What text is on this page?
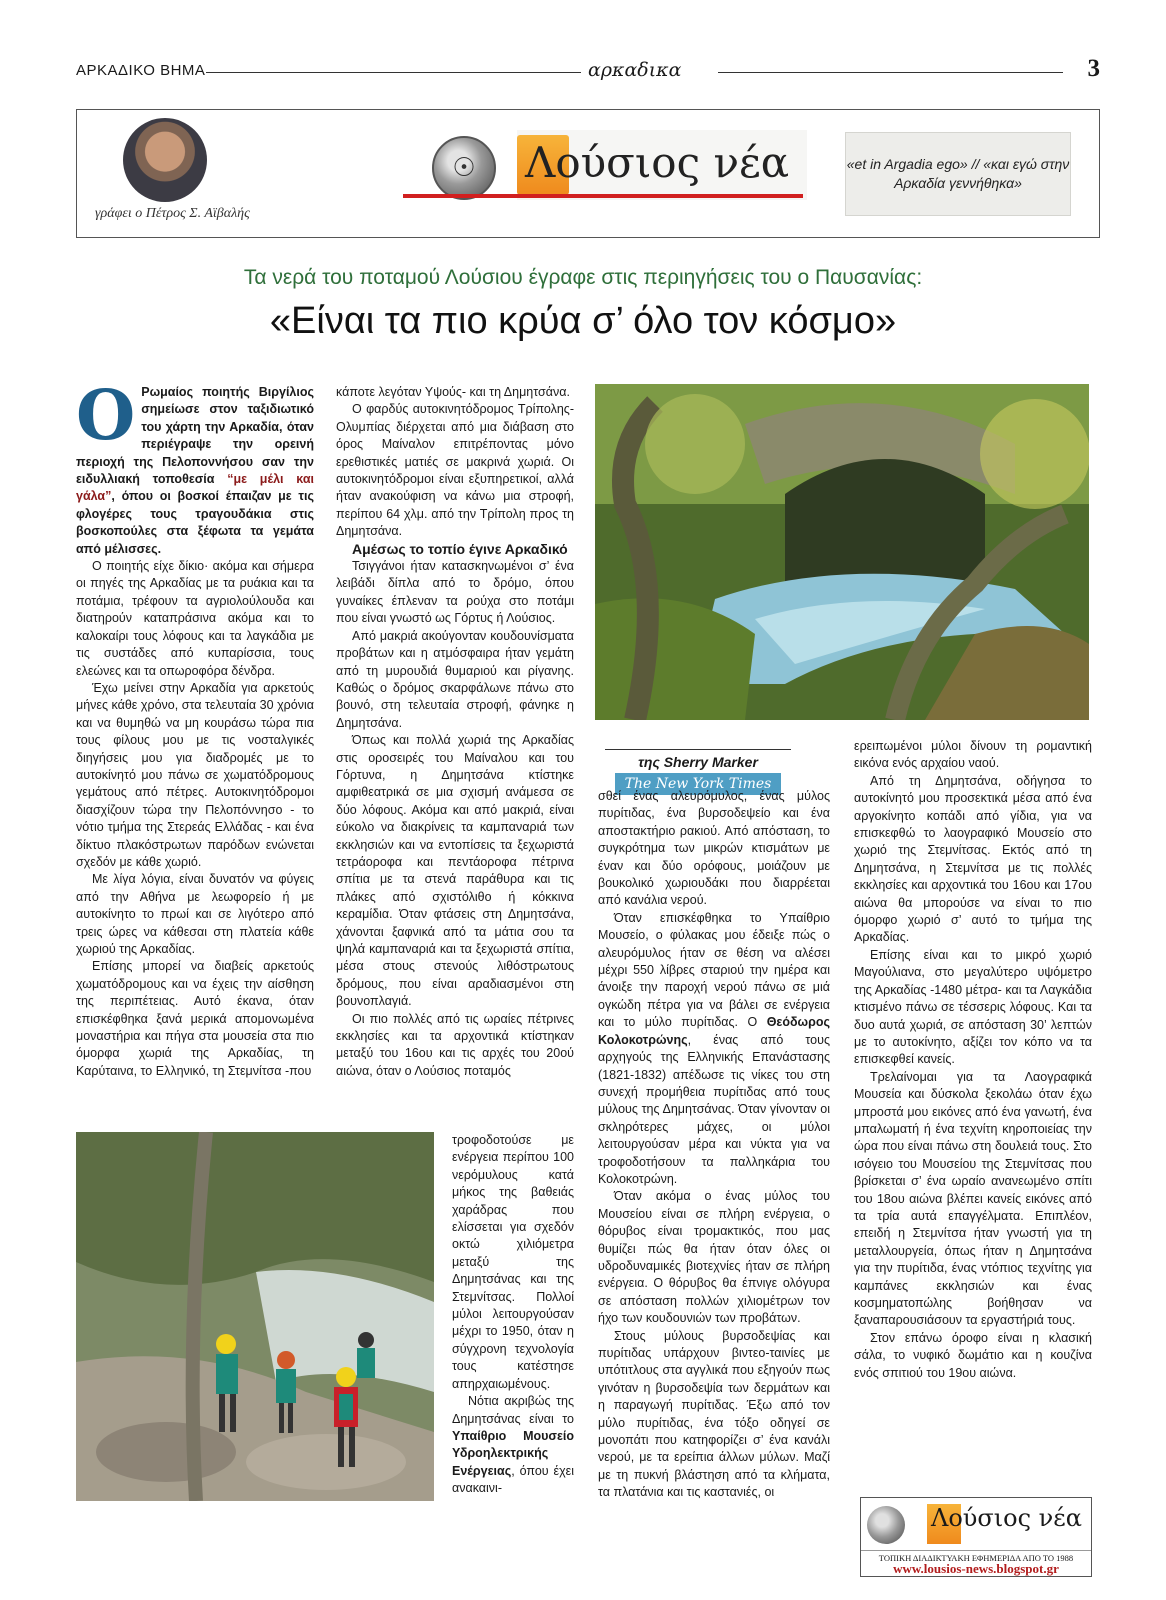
ΑΡΚΑΔΙΚΟ ΒΗΜΑ	αρκαδικα	3
γράφει ο Πέτρος Σ. Αϊβαλής
☉	Λούσιος νέα	«et in Argadia ego» // «και εγώ στην Αρκαδία γεννήθηκα»
Τα νερά του ποταμού Λούσιου έγραφε στις περιηγήσεις του ο Παυσανίας:
«Είναι τα πιο κρύα σ’ όλο τον κόσμο»

Ο Ρωμαίος ποιητής Βιργίλιος σημείωσε στον ταξιδιωτικό του χάρτη την Αρκαδία, όταν περιέγραψε την ορεινή περιοχή της Πελοποννήσου σαν την ειδυλλιακή τοποθεσία “με μέλι και γάλα”, όπου οι βοσκοί έπαιζαν με τις φλογέρες τους τραγουδάκια στις βοσκοπούλες στα ξέφωτα τα γεμάτα από μέλισσες.

Ο ποιητής είχε δίκιο· ακόμα και σήμερα οι πηγές της Αρκαδίας με τα ρυάκια και τα ποτάμια, τρέφουν τα αγριολούλουδα και διατηρούν καταπράσινα ακόμα και το καλοκαίρι τους λόφους και τα λαγκάδια με τις συστάδες από κυπαρίσσια, τους ελεώνες και τα οπωροφόρα δένδρα.

Έχω μείνει στην Αρκαδία για αρκετούς μήνες κάθε χρόνο, στα τελευταία 30 χρόνια και να θυμηθώ να μη κουράσω τώρα πια τους φίλους μου με τις νοσταλγικές διηγήσεις μου για διαδρομές με το αυτοκίνητό μου πάνω σε χωματόδρομους γεμάτους από πέτρες. Αυτοκινητόδρομοι διασχίζουν τώρα την Πελοπόννησο - το νότιο τμήμα της Στερεάς Ελλάδας - και ένα δίκτυο πλακόστρωτων παρόδων ενώνεται σχεδόν με κάθε χωριό.

Με λίγα λόγια, είναι δυνατόν να φύγεις από την Αθήνα με λεωφορείο ή με αυτοκίνητο το πρωί και σε λιγότερο από τρεις ώρες να κάθεσαι στη πλατεία κάθε χωριού της Αρκαδίας.

Επίσης μπορεί να διαβείς αρκετούς χωματόδρομους και να έχεις την αίσθηση της περιπέτειας. Αυτό έκανα, όταν επισκέφθηκα ξανά μερικά απομονωμένα μοναστήρια και πήγα στα μουσεία στα πιο όμορφα χωριά της Αρκαδίας, τη Καρύταινα, το Ελληνικό, τη Στεμνίτσα -που

κάποτε λεγόταν Υψούς- και τη Δημητσάνα.

Ο φαρδύς αυτοκινητόδρομος Τρίπολης-Ολυμπίας διέρχεται από μια διάβαση στο όρος Μαίναλον επιτρέποντας μόνο ερεθιστικές ματιές σε μακρινά χωριά. Οι αυτοκινητόδρομοι είναι εξυπηρετικοί, αλλά ήταν ανακούφιση να κάνω μια στροφή, περίπου 64 χλμ. από την Τρίπολη προς τη Δημητσάνα.

Αμέσως το τοπίο έγινε Αρκαδικό

Τσιγγάνοι ήταν κατασκηνωμένοι σ’ ένα λειβάδι δίπλα από το δρόμο, όπου γυναίκες έπλεναν τα ρούχα στο ποτάμι που είναι γνωστό ως Γόρτυς ή Λούσιος.

Από μακριά ακούγονταν κουδουνίσματα προβάτων και η ατμόσφαιρα ήταν γεμάτη από τη μυρουδιά θυμαριού και ρίγανης. Καθώς ο δρόμος σκαρφάλωνε πάνω στο βουνό, στη τελευταία στροφή, φάνηκε η Δημητσάνα.

Όπως και πολλά χωριά της Αρκαδίας στις οροσειρές του Μαίναλου και του Γόρτυνα, η Δημητσάνα κτίστηκε αμφιθεατρικά σε μια σχισμή ανάμεσα σε δύο λόφους. Ακόμα και από μακριά, είναι εύκολο να διακρίνεις τα καμπαναριά των εκκλησιών και να εντοπίσεις τα ξεχωριστά τετράοροφα και πεντάοροφα πέτρινα σπίτια με τα στενά παράθυρα και τις πλάκες από σχιστόλιθο ή κόκκινα κεραμίδια. Όταν φτάσεις στη Δημητσάνα, χάνονται ξαφνικά από τα μάτια σου τα ψηλά καμπαναριά και τα ξεχωριστά σπίτια, μέσα στους στενούς λιθόστρωτους δρόμους, που είναι αραδιασμένοι στη βουνοπλαγιά.

Οι πιο πολλές από τις ωραίες πέτρινες εκκλησίες και τα αρχοντικά κτίστηκαν μεταξύ του 16ου και τις αρχές του 20ού αιώνα, όταν ο Λούσιος ποταμός

τροφοδοτούσε με ενέργεια περίπου 100 νερόμυλους κατά μήκος της βαθειάς χαράδρας που ελίσσεται για σχεδόν οκτώ χιλιόμετρα μεταξύ της Δημητσάνας και της Στεμνίτσας. Πολλοί μύλοι λειτουργούσαν μέχρι το 1950, όταν η σύγχρονη τεχνολογία τους κατέστησε απηρχαιωμένους.

Νότια ακριβώς της Δημητσάνας είναι το Υπαίθριο Μουσείο Υδροηλεκτρικής Ενέργειας, όπου έχει ανακαινι-

της Sherry Marker
The New York Times

σθεί ένας αλευρόμυλος, ένας μύλος πυρίτιδας, ένα βυρσοδεψείο και ένα αποστακτήριο ρακιού. Από απόσταση, το συγκρότημα των μικρών κτισμάτων με έναν και δύο ορόφους, μοιάζουν με βουκολικό χωριουδάκι που διαρρέεται από κανάλια νερού.

Όταν επισκέφθηκα το Υπαίθριο Μουσείο, ο φύλακας μου έδειξε πώς ο αλευρόμυλος ήταν σε θέση να αλέσει μέχρι 550 λίβρες σταριού την ημέρα και άνοιξε την παροχή νερού πάνω σε μιά ογκώδη πέτρα για να βάλει σε ενέργεια και το μύλο πυρίτιδας. Ο Θεόδωρος Κολοκοτρώνης, ένας από τους αρχηγούς της Ελληνικής Επανάστασης (1821-1832) απέδωσε τις νίκες του στη συνεχή προμήθεια πυρίτιδας από τους μύλους της Δημητσάνας. Όταν γίνονταν οι σκληρότερες μάχες, οι μύλοι λειτουργούσαν μέρα και νύκτα για να τροφοδοτήσουν τα παλληκάρια του Κολοκοτρώνη.

Όταν ακόμα ο ένας μύλος του Μουσείου είναι σε πλήρη ενέργεια, ο θόρυβος είναι τρομακτικός, που μας θυμίζει πώς θα ήταν όταν όλες οι υδροδυναμικές βιοτεχνίες ήταν σε πλήρη ενέργεια. Ο θόρυβος θα έπνιγε ολόγυρα σε απόσταση πολλών χιλιομέτρων τον ήχο των κουδουνιών των προβάτων.

Στους μύλους βυρσοδεψίας και πυρίτιδας υπάρχουν βιντεο-ταινίες με υπότιτλους στα αγγλικά που εξηγούν πως γινόταν η βυρσοδεψία των δερμάτων και η παραγωγή πυρίτιδας. Έξω από τον μύλο πυρίτιδας, ένα τόξο οδηγεί σε μονοπάτι που κατηφορίζει σ’ ένα κανάλι νερού, με τα ερείπια άλλων μύλων. Μαζί με τη πυκνή βλάστηση από τα κλήματα, τα πλατάνια και τις καστανιές, οι

ερειπωμένοι μύλοι δίνουν τη ρομαντική εικόνα ενός αρχαίου ναού.

Από τη Δημητσάνα, οδήγησα το αυτοκίνητό μου προσεκτικά μέσα από ένα αργοκίνητο κοπάδι από γίδια, για να επισκεφθώ το λαογραφικό Μουσείο στο χωριό της Στεμνίτσας. Εκτός από τη Δημητσάνα, η Στεμνίτσα με τις πολλές εκκλησίες και αρχοντικά του 16ου και 17ου αιώνα θα μπορούσε να είναι το πιο όμορφο χωριό σ’ αυτό το τμήμα της Αρκαδίας.

Επίσης είναι και το μικρό χωριό Μαγούλιανα, στο μεγαλύτερο υψόμετρο της Αρκαδίας -1480 μέτρα- και τα Λαγκάδια κτισμένο πάνω σε τέσσερις λόφους. Και τα δυο αυτά χωριά, σε απόσταση 30’ λεπτών με το αυτοκίνητο, αξίζει τον κόπο να τα επισκεφθεί κανείς.

Τρελαίνομαι για τα Λαογραφικά Μουσεία και δύσκολα ξεκολάω όταν έχω μπροστά μου εικόνες από ένα γανωτή, ένα μπαλωματή ή ένα τεχνίτη κηροποιείας την ώρα που είναι πάνω στη δουλειά τους. Στο ισόγειο του Μουσείου της Στεμνίτσας που βρίσκεται σ’ ένα ωραίο ανανεωμένο σπίτι του 18ου αιώνα βλέπει κανείς εικόνες από τα τρία αυτά επαγγέλματα. Επιπλέον, επειδή η Στεμνίτσα ήταν γνωστή για τη μεταλλουργεία, όπως ήταν η Δημητσάνα για την πυρίτιδα, ένας ντόπιος τεχνίτης για καμπάνες εκκλησιών και ένας κοσμηματοπώλης βοήθησαν να ξαναπαρουσιάσουν τα εργαστήριά τους.

Στον επάνω όροφο είναι η κλασική σάλα, το νυφικό δωμάτιο και η κουζίνα ενός σπιτιού του 19ου αιώνα.

Λούσιος νέα
ΤΟΠΙΚΗ ΔΙΑΔΙΚΤΥΑΚΗ ΕΦΗΜΕΡΙΔΑ ΑΠΟ ΤΟ 1988
www.lousios-news.blogspot.gr
